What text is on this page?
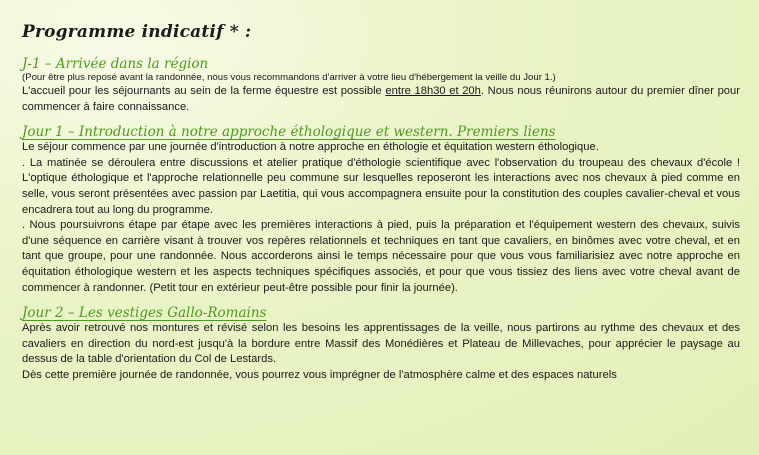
Programme indicatif * :
J-1 – Arrivée dans la région
(Pour être plus reposé avant la randonnée, nous vous recommandons d'arriver à votre lieu d'hébergement la veille du Jour 1.)

L'accueil pour les séjournants au sein de la ferme équestre est possible entre 18h30 et 20h. Nous nous réunirons autour du premier dîner pour commencer à faire connaissance.

Jour 1 – Introduction à notre approche éthologique et western. Premiers liens

Le séjour commence par une journée d'introduction à notre approche en éthologie et équitation western éthologique.

. La matinée se déroulera entre discussions et atelier pratique d'éthologie scientifique avec l'observation du troupeau des chevaux d'école ! L'optique éthologique et l'approche relationnelle peu commune sur lesquelles reposeront les interactions avec nos chevaux à pied comme en selle, vous seront présentées avec passion par Laetitia, qui vous accompagnera ensuite pour la constitution des couples cavalier-cheval et vous encadrera tout au long du programme.

. Nous poursuivrons étape par étape avec les premières interactions à pied, puis la préparation et l'équipement western des chevaux, suivis d'une séquence en carrière visant à trouver vos repères relationnels et techniques en tant que cavaliers, en binômes avec votre cheval, et en tant que groupe, pour une randonnée. Nous accorderons ainsi le temps nécessaire pour que vous vous familiarisiez avec notre approche en équitation éthologique western et les aspects techniques spécifiques associés, et pour que vous tissiez des liens avec votre cheval avant de commencer à randonner. (Petit tour en extérieur peut-être possible pour finir la journée).

Jour 2 – Les vestiges Gallo-Romains

Après avoir retrouvé nos montures et révisé selon les besoins les apprentissages de la veille, nous partirons au rythme des chevaux et des cavaliers en direction du nord-est jusqu'à la bordure entre Massif des Monédières et Plateau de Millevaches, pour apprécier le paysage au dessus de la table d'orientation du Col de Lestards.

Dès cette première journée de randonnée, vous pourrez vous imprégner de l'atmosphère calme et des espaces naturels
